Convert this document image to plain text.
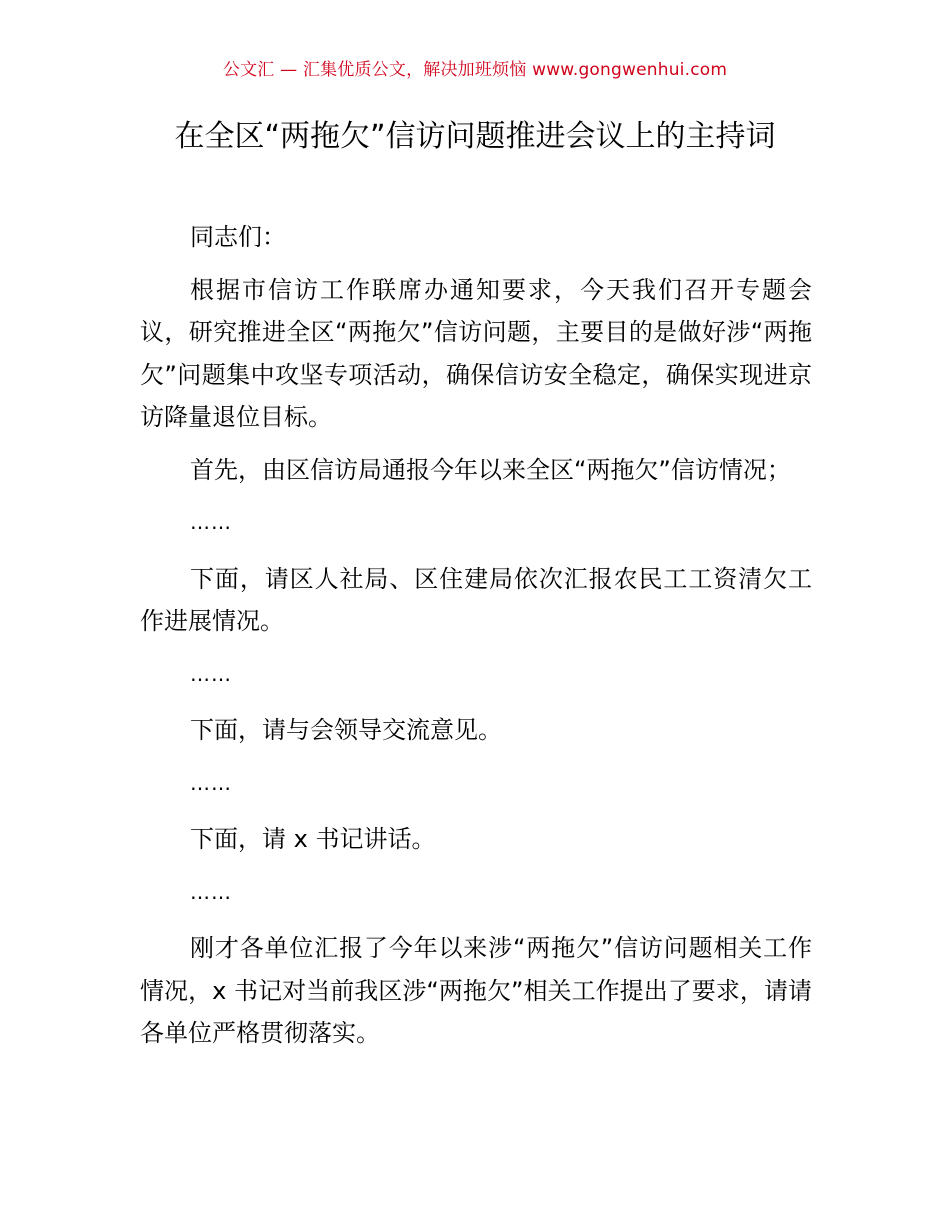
公文汇 — 汇集优质公文，解决加班烦恼 www.gongwenhui.com
在全区“两拖欠”信访问题推进会议上的主持词

同志们：

根据市信访工作联席办通知要求，今天我们召开专题会议，研究推进全区“两拖欠”信访问题，主要目的是做好涉“两拖欠”问题集中攻坚专项活动，确保信访安全稳定，确保实现进京访降量退位目标。

首先，由区信访局通报今年以来全区“两拖欠”信访情况；

……

下面，请区人社局、区住建局依次汇报农民工工资清欠工作进展情况。

……

下面，请与会领导交流意见。

……

下面，请 x 书记讲话。

……

刚才各单位汇报了今年以来涉“两拖欠”信访问题相关工作情况，x 书记对当前我区涉“两拖欠”相关工作提出了要求，请请各单位严格贯彻落实。
